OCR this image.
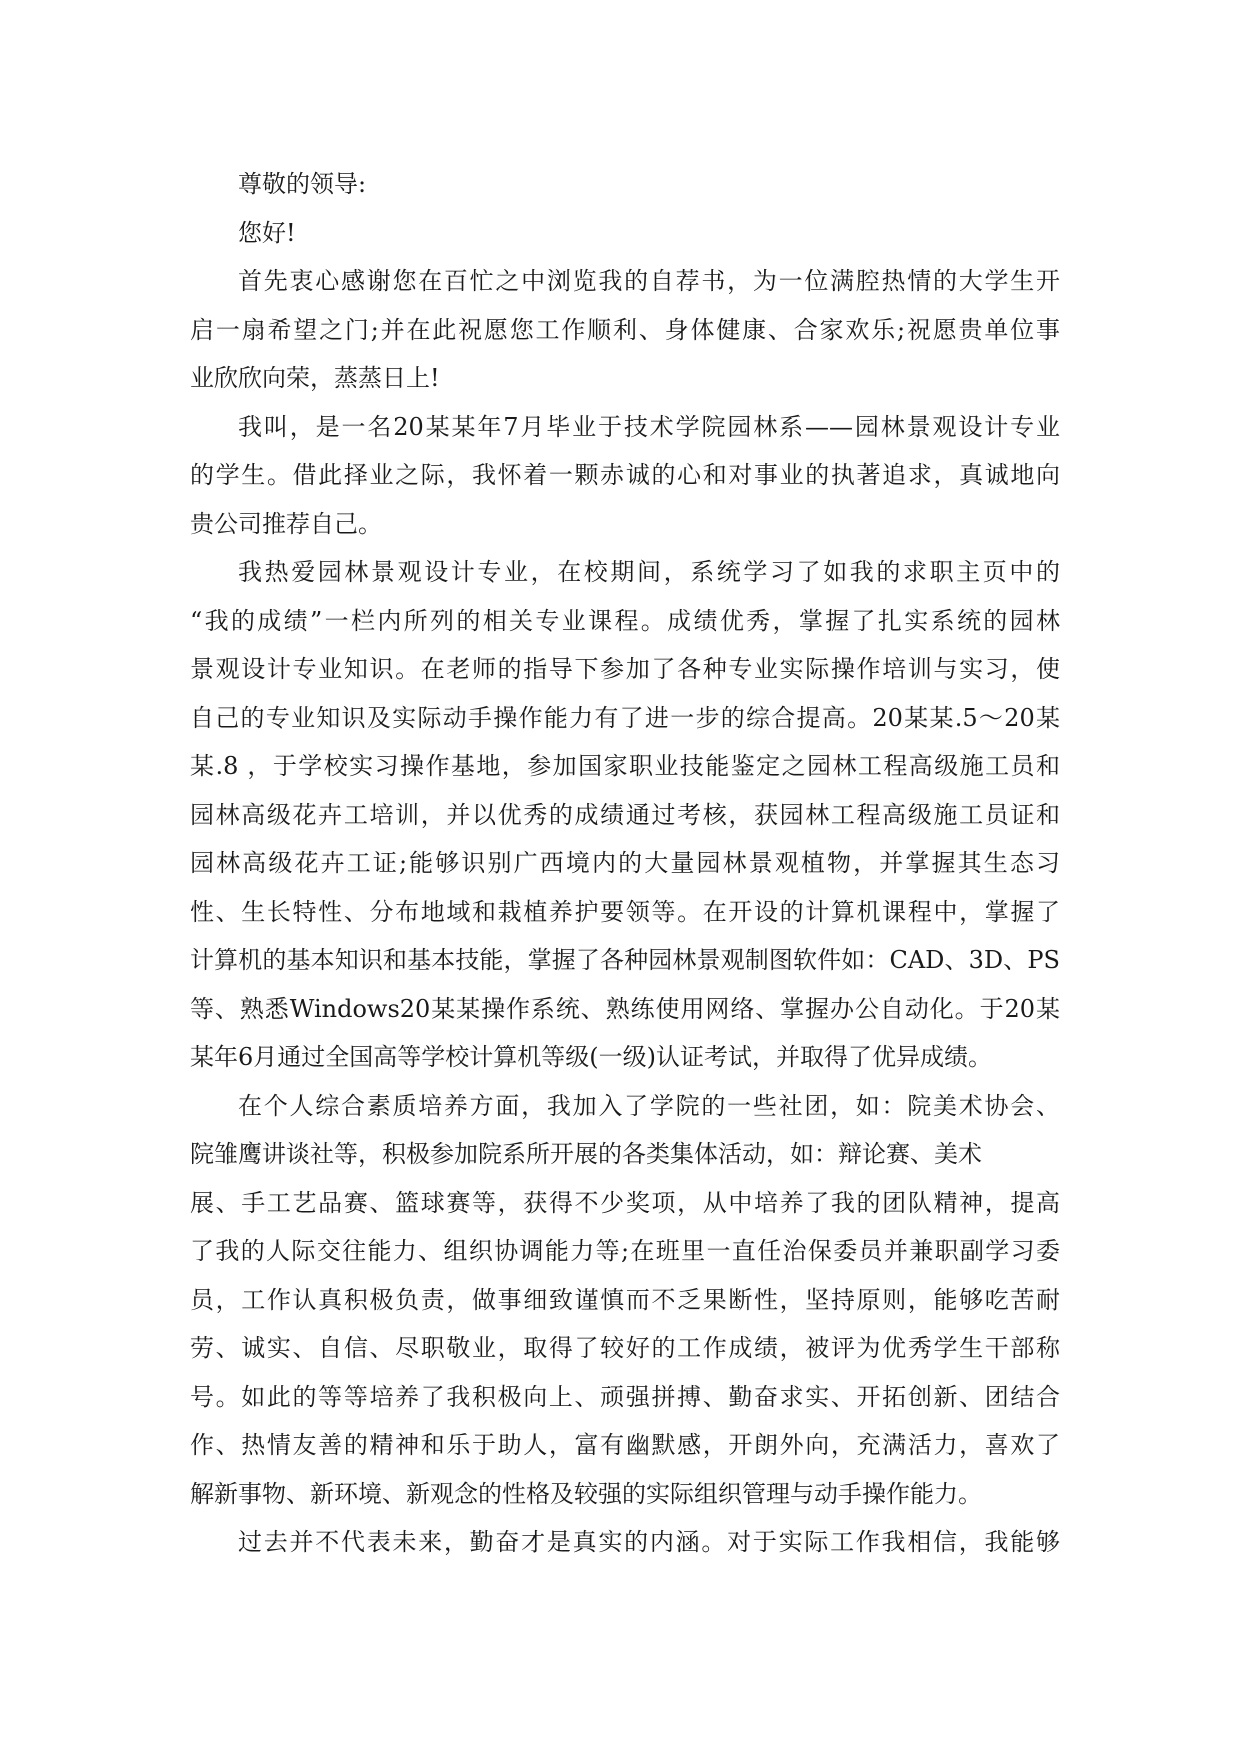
尊敬的领导:
您好!
首先衷心感谢您在百忙之中浏览我的自荐书，为一位满腔热情的大学生开
启一扇希望之门;并在此祝愿您工作顺利、身体健康、合家欢乐;祝愿贵单位事
业欣欣向荣，蒸蒸日上!
我叫，是一名20某某年7月毕业于技术学院园林系——园林景观设计专业
的学生。借此择业之际，我怀着一颗赤诚的心和对事业的执著追求，真诚地向
贵公司推荐自己。
我热爱园林景观设计专业，在校期间，系统学习了如我的求职主页中的
“我的成绩”一栏内所列的相关专业课程。成绩优秀，掌握了扎实系统的园林
景观设计专业知识。在老师的指导下参加了各种专业实际操作培训与实习，使
自己的专业知识及实际动手操作能力有了进一步的综合提高。20某某.5～20某
某.8 ，于学校实习操作基地，参加国家职业技能鉴定之园林工程高级施工员和
园林高级花卉工培训，并以优秀的成绩通过考核，获园林工程高级施工员证和
园林高级花卉工证;能够识别广西境内的大量园林景观植物，并掌握其生态习
性、生长特性、分布地域和栽植养护要领等。在开设的计算机课程中，掌握了
计算机的基本知识和基本技能，掌握了各种园林景观制图软件如：CAD、3D、PS
等、熟悉Windows20某某操作系统、熟练使用网络、掌握办公自动化。于20某
某年6月通过全国高等学校计算机等级(一级)认证考试，并取得了优异成绩。
在个人综合素质培养方面，我加入了学院的一些社团，如：院美术协会、
院雏鹰讲谈社等，积极参加院系所开展的各类集体活动，如：辩论赛、美术
展、手工艺品赛、篮球赛等，获得不少奖项，从中培养了我的团队精神，提高
了我的人际交往能力、组织协调能力等;在班里一直任治保委员并兼职副学习委
员，工作认真积极负责，做事细致谨慎而不乏果断性，坚持原则，能够吃苦耐
劳、诚实、自信、尽职敬业，取得了较好的工作成绩，被评为优秀学生干部称
号。如此的等等培养了我积极向上、顽强拼搏、勤奋求实、开拓创新、团结合
作、热情友善的精神和乐于助人，富有幽默感，开朗外向，充满活力，喜欢了
解新事物、新环境、新观念的性格及较强的实际组织管理与动手操作能力。
过去并不代表未来，勤奋才是真实的内涵。对于实际工作我相信，我能够
